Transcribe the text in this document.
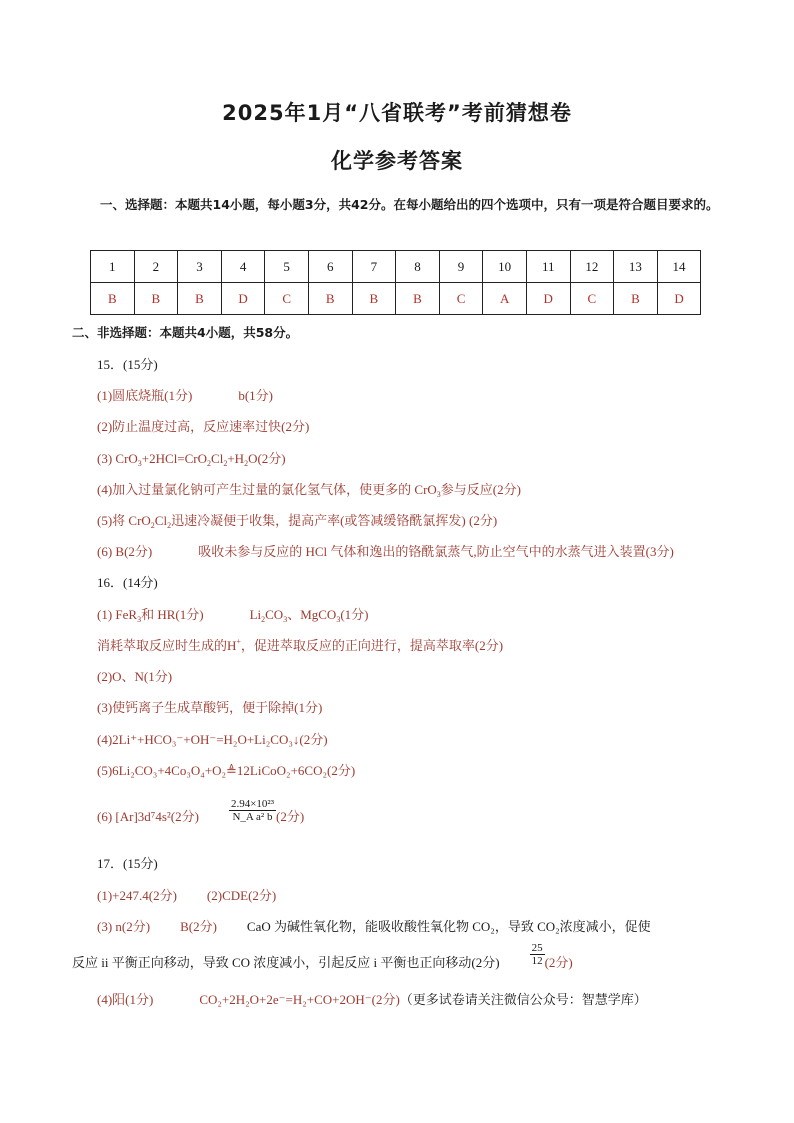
2025年1月“八省联考”考前猜想卷
化学参考答案
一、选择题：本题共14小题，每小题3分，共42分。在每小题给出的四个选项中，只有一项是符合题目要求的。
1	2	3	4	5	6	7	8	9	10	11	12	13	14
B	B	B	D	C	B	B	B	C	A	D	C	B	D
二、非选择题：本题共4小题，共58分。
15．(15分)
(1)圆底烧瓶(1分)	b(1分)
(2)防止温度过高，反应速率过快(2分)
(3) $CrO_3+2HCl=CrO_2Cl_2+H_2O(2$分)
(4)加入过量氯化钠可产生过量的氯化氢气体，使更多的 CrO$_3$参与反应(2分)
(5)将 $CrO_2Cl_2$迅速冷凝便于收集，提高产率(或答减缓铬酰氯挥发) (2分)
(6) B(2分)	吸收未参与反应的 HCl 气体和逸出的铬酰氯蒸气,防止空气中的水蒸气进入装置(3分)
16．(14分)
(1) FeR$_3$和 HR(1分)	$Li_2CO_3$、MgCO$_3$(1分)
消耗萃取反应时生成的H+，促进萃取反应的正向进行，提高萃取率(2分)
(2)O、N(1分)
(3)使钙离子生成草酸钙，便于除掉(1分)
(4)2Li⁺+HCO₃⁻+OH⁻=H₂O+Li₂CO₃↓(2分)
(5)6Li₂CO₃+4Co₃O₄+O₂≜12LiCoO₂+6CO₂(2分)
(6) [Ar]3d⁷4s²(2分)	$\frac{\text{2.94×10²³}}{\text{N\_A a² b}} (2$分)
17．(15分)
(1)+247.4(2分) (2)CDE(2分)
(3) n(2分) B(2分) CaO 为碱性氧化物，能吸收酸性氧化物 CO₂，导致 CO₂浓度减小，促使
反应 ii 平衡正向移动，导致 CO 浓度减小，引起反应 i 平衡也正向移动(2分)	$\frac{25}{12} (2$分)
(4)阳(1分)	CO₂+2H₂O+2e⁻=H₂+CO+2OH⁻(2分)（更多试卷请关注微信公众号：智慧学库）
